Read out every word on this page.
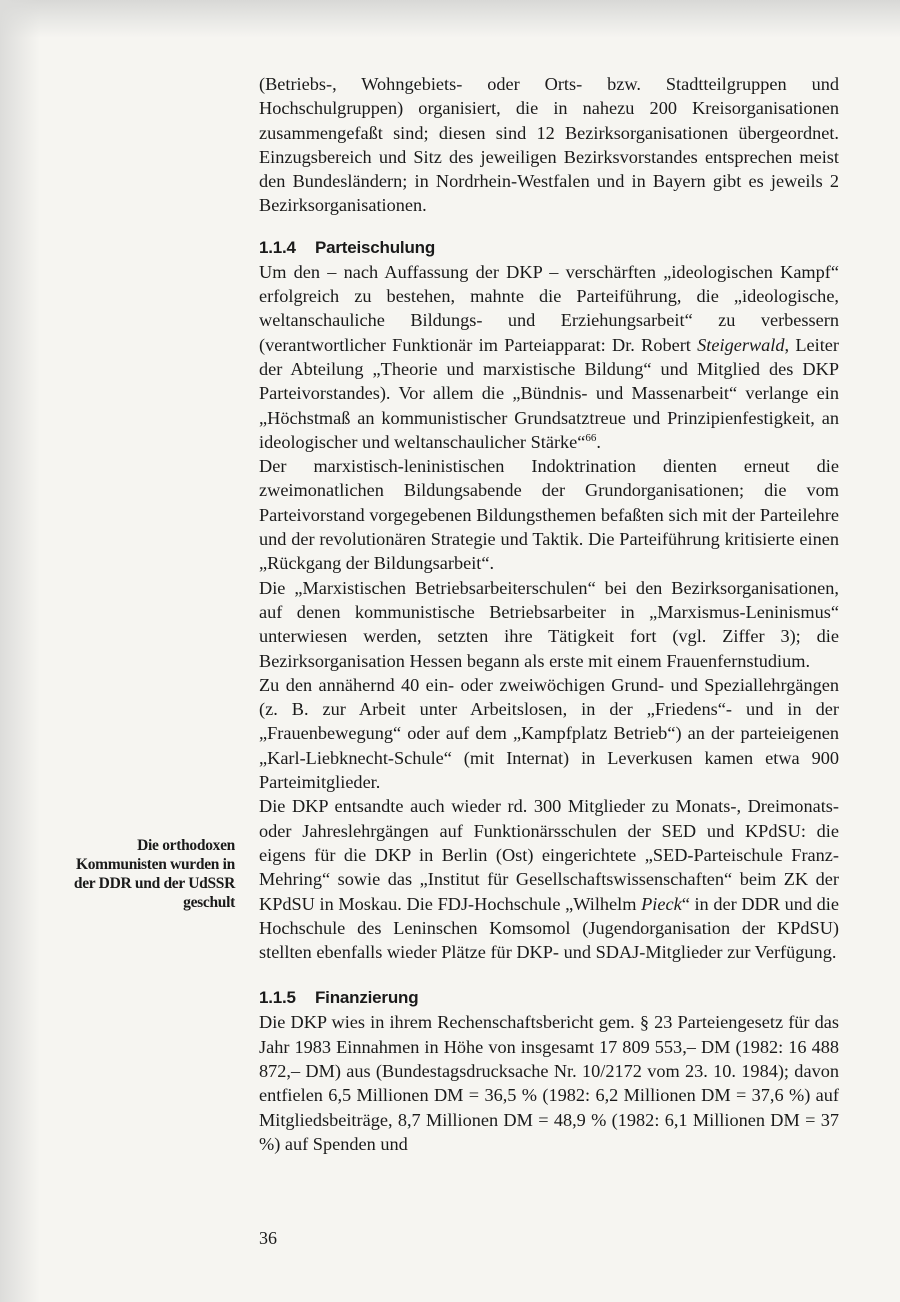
(Betriebs-, Wohngebiets- oder Orts- bzw. Stadtteilgruppen und Hochschulgruppen) organisiert, die in nahezu 200 Kreisorganisationen zusammengefaßt sind; diesen sind 12 Bezirksorganisationen übergeordnet. Einzugsbereich und Sitz des jeweiligen Bezirksvorstandes entsprechen meist den Bundesländern; in Nordrhein-Westfalen und in Bayern gibt es jeweils 2 Bezirksorganisationen.

1.1.4 Parteischulung

Um den – nach Auffassung der DKP – verschärften „ideologischen Kampf“ erfolgreich zu bestehen, mahnte die Parteiführung, die „ideologische, weltanschauliche Bildungs- und Erziehungsarbeit“ zu verbessern (verantwortlicher Funktionär im Parteiapparat: Dr. Robert Steigerwald, Leiter der Abteilung „Theorie und marxistische Bildung“ und Mitglied des DKP Parteivorstandes). Vor allem die „Bündnis- und Massenarbeit“ verlange ein „Höchstmaß an kommunistischer Grundsatztreue und Prinzipienfestigkeit, an ideologischer und weltanschaulicher Stärke“$^{66}$.

Der marxistisch-leninistischen Indoktrination dienten erneut die zweimonatlichen Bildungsabende der Grundorganisationen; die vom Parteivorstand vorgegebenen Bildungsthemen befaßten sich mit der Parteilehre und der revolutionären Strategie und Taktik. Die Parteiführung kritisierte einen „Rückgang der Bildungsarbeit“.

Die „Marxistischen Betriebsarbeiterschulen“ bei den Bezirksorganisationen, auf denen kommunistische Betriebsarbeiter in „Marxismus-Leninismus“ unterwiesen werden, setzten ihre Tätigkeit fort (vgl. Ziffer 3); die Bezirksorganisation Hessen begann als erste mit einem Frauenfernstudium.

Zu den annähernd 40 ein- oder zweiwöchigen Grund- und Speziallehrgängen (z. B. zur Arbeit unter Arbeitslosen, in der „Friedens“- und in der „Frauenbewegung“ oder auf dem „Kampfplatz Betrieb“) an der parteieigenen „Karl-Liebknecht-Schule“ (mit Internat) in Leverkusen kamen etwa 900 Parteimitglieder.

Die DKP entsandte auch wieder rd. 300 Mitglieder zu Monats-, Dreimonats- oder Jahreslehrgängen auf Funktionärsschulen der SED und KPdSU: die eigens für die DKP in Berlin (Ost) eingerichtete „SED-Parteischule Franz-Mehring“ sowie das „Institut für Gesellschaftswissenschaften“ beim ZK der KPdSU in Moskau. Die FDJ-Hochschule „Wilhelm Pieck“ in der DDR und die Hochschule des Leninschen Komsomol (Jugendorganisation der KPdSU) stellten ebenfalls wieder Plätze für DKP- und SDAJ-Mitglieder zur Verfügung.

1.1.5 Finanzierung

Die DKP wies in ihrem Rechenschaftsbericht gem. § 23 Parteiengesetz für das Jahr 1983 Einnahmen in Höhe von insgesamt 17 809 553,– DM (1982: 16 488 872,– DM) aus (Bundestagsdrucksache Nr. 10/2172 vom 23. 10. 1984); davon entfielen 6,5 Millionen DM = 36,5 % (1982: 6,2 Millionen DM = 37,6 %) auf Mitgliedsbeiträge, 8,7 Millionen DM = 48,9 % (1982: 6,1 Millionen DM = 37 %) auf Spenden und

Die orthodoxen Kommunisten wurden in der DDR und der UdSSR geschult
36
